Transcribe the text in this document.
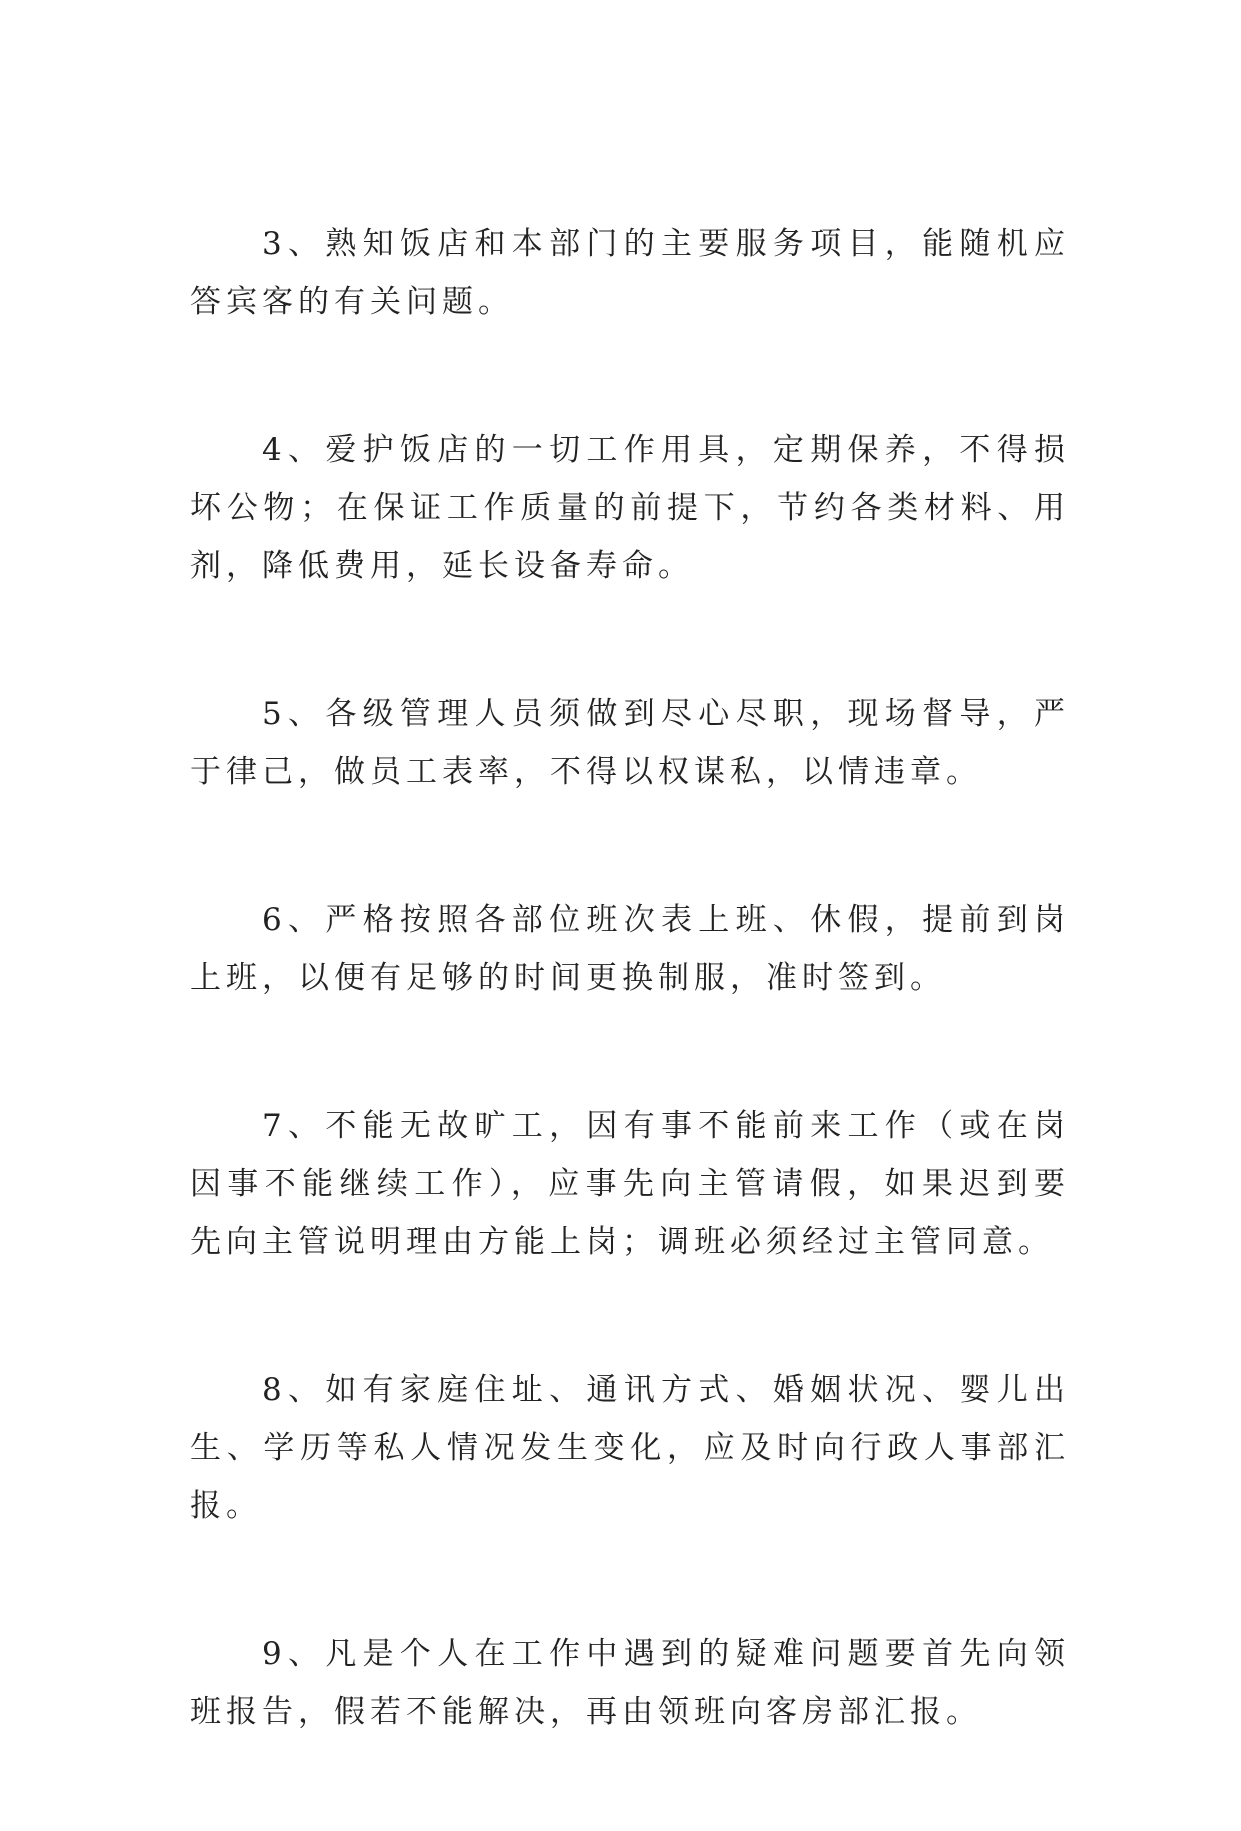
3、熟知饭店和本部门的主要服务项目，能随机应答宾客的有关问题。

4、爱护饭店的一切工作用具，定期保养，不得损坏公物；在保证工作质量的前提下，节约各类材料、用剂，降低费用，延长设备寿命。

5、各级管理人员须做到尽心尽职，现场督导，严于律己，做员工表率，不得以权谋私，以情违章。

6、严格按照各部位班次表上班、休假，提前到岗上班，以便有足够的时间更换制服，准时签到。

7、不能无故旷工，因有事不能前来工作（或在岗因事不能继续工作），应事先向主管请假，如果迟到要先向主管说明理由方能上岗；调班必须经过主管同意。

8、如有家庭住址、通讯方式、婚姻状况、婴儿出生、学历等私人情况发生变化，应及时向行政人事部汇报。

9、凡是个人在工作中遇到的疑难问题要首先向领班报告，假若不能解决，再由领班向客房部汇报。
